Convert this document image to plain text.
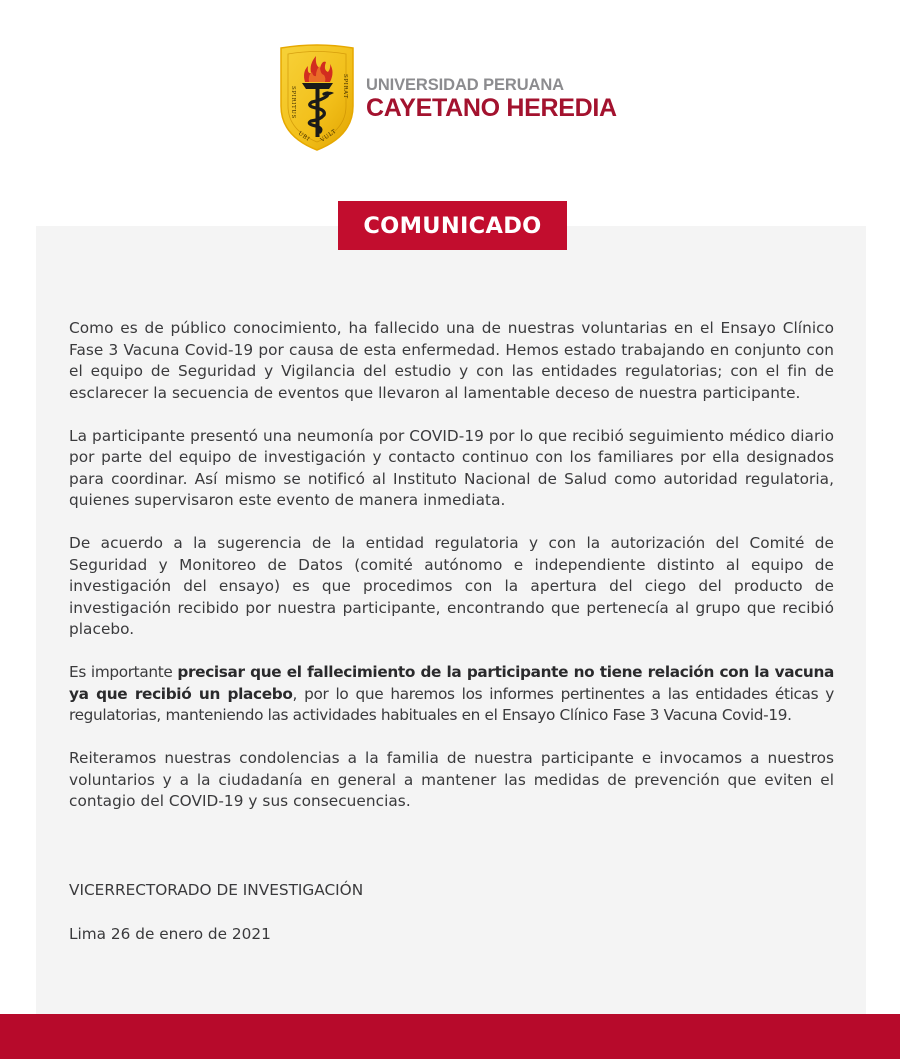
SPIRITUS	SPIRAT
UBI VULT
UNIVERSIDAD PERUANA
CAYETANO HEREDIA
COMUNICADO

Como es de público conocimiento, ha fallecido una de nuestras voluntarias en el Ensayo Clínico Fase 3 Vacuna Covid-19 por causa de esta enfermedad. Hemos estado trabajando en conjunto con el equipo de Seguridad y Vigilancia del estudio y con las entidades regulatorias; con el fin de esclarecer la secuencia de eventos que llevaron al lamentable deceso de nuestra participante.

La participante presentó una neumonía por COVID-19 por lo que recibió seguimiento médico diario por parte del equipo de investigación y contacto continuo con los familiares por ella designados para coordinar. Así mismo se notificó al Instituto Nacional de Salud como autoridad regulatoria, quienes supervisaron este evento de manera inmediata.

De acuerdo a la sugerencia de la entidad regulatoria y con la autorización del Comité de Seguridad y Monitoreo de Datos (comité autónomo e independiente distinto al equipo de investigación del ensayo) es que procedimos con la apertura del ciego del producto de investigación recibido por nuestra participante, encontrando que pertenecía al grupo que recibió placebo.

Es importante precisar que el fallecimiento de la participante no tiene relación con la vacuna ya que recibió un placebo, por lo que haremos los informes pertinentes a las entidades éticas y regulatorias, manteniendo las actividades habituales en el Ensayo Clínico Fase 3 Vacuna Covid-19.

Reiteramos nuestras condolencias a la familia de nuestra participante e invocamos a nuestros voluntarios y a la ciudadanía en general a mantener las medidas de prevención que eviten el contagio del COVID-19 y sus consecuencias.

VICERRECTORADO DE INVESTIGACIÓN
Lima 26 de enero de 2021
